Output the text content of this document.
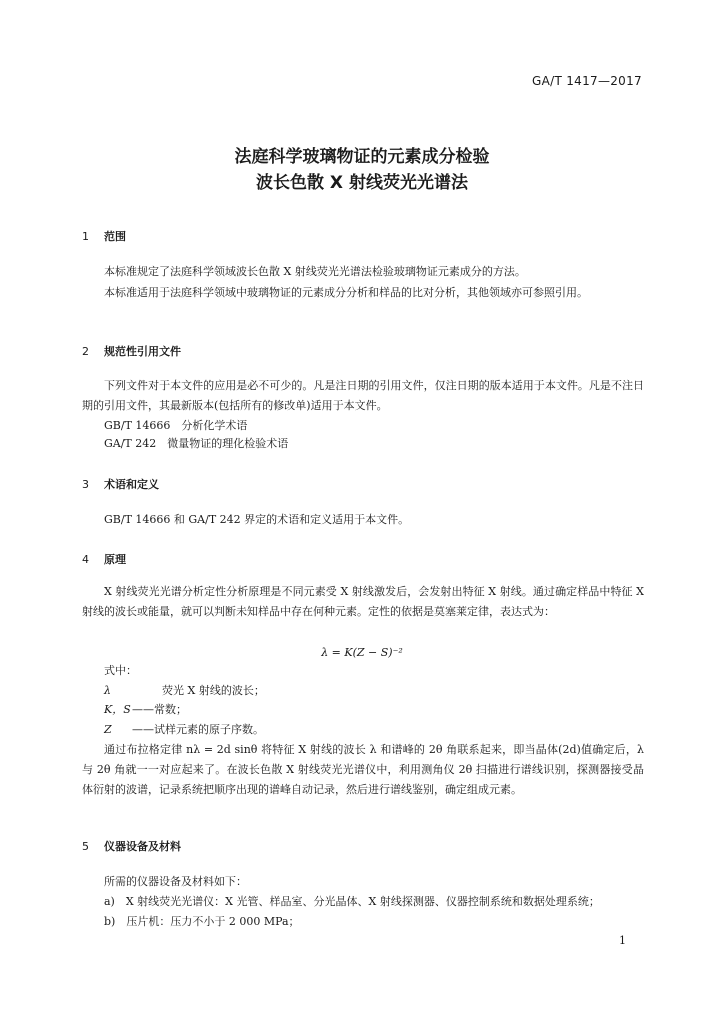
GA/T 1417—2017
法庭科学玻璃物证的元素成分检验
波长色散 X 射线荧光光谱法
1 范围

本标准规定了法庭科学领域波长色散 X 射线荧光光谱法检验玻璃物证元素成分的方法。

本标准适用于法庭科学领域中玻璃物证的元素成分分析和样品的比对分析，其他领域亦可参照引用。

2 规范性引用文件

下列文件对于本文件的应用是必不可少的。凡是注日期的引用文件，仅注日期的版本适用于本文件。凡是不注日期的引用文件，其最新版本(包括所有的修改单)适用于本文件。

GB/T 14666　分析化学术语
GA/T 242　微量物证的理化检验术语
3 术语和定义

GB/T 14666 和 GA/T 242 界定的术语和定义适用于本文件。

4 原理

X 射线荧光光谱分析定性分析原理是不同元素受 X 射线激发后，会发射出特征 X 射线。通过确定样品中特征 X 射线的波长或能量，就可以判断未知样品中存在何种元素。定性的依据是莫塞莱定律，表达式为：

λ = K(Z − S)⁻²
式中：
λ	荧光 X 射线的波长；
K，S——常数；
Z ——试样元素的原子序数。

通过布拉格定律 nλ = 2d sinθ 将特征 X 射线的波长 λ 和谱峰的 2θ 角联系起来，即当晶体(2d)值确定后，λ 与 2θ 角就一一对应起来了。在波长色散 X 射线荧光光谱仪中，利用测角仪 2θ 扫描进行谱线识别，探测器接受晶体衍射的波谱，记录系统把顺序出现的谱峰自动记录，然后进行谱线鉴别，确定组成元素。

5 仪器设备及材料

所需的仪器设备及材料如下：

a)　X 射线荧光光谱仪：X 光管、样品室、分光晶体、X 射线探测器、仪器控制系统和数据处理系统；
b)　压片机：压力不小于 2 000 MPa；
1
